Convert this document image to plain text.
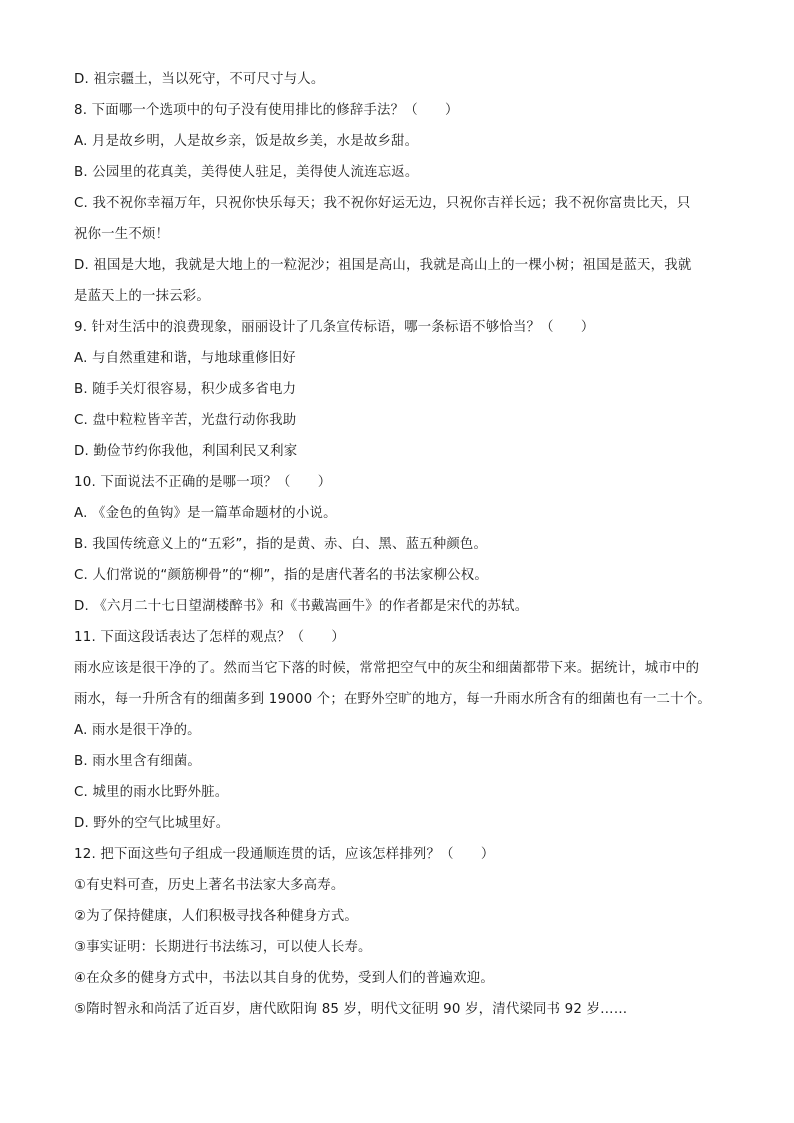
D. 祖宗疆土，当以死守，不可尺寸与人。
8. 下面哪一个选项中的句子没有使用排比的修辞手法？（　　）
A. 月是故乡明，人是故乡亲，饭是故乡美，水是故乡甜。
B. 公园里的花真美，美得使人驻足，美得使人流连忘返。
C. 我不祝你幸福万年，只祝你快乐每天；我不祝你好运无边，只祝你吉祥长远；我不祝你富贵比天，只
祝你一生不烦！
D. 祖国是大地，我就是大地上的一粒泥沙；祖国是高山，我就是高山上的一棵小树；祖国是蓝天，我就
是蓝天上的一抹云彩。
9. 针对生活中的浪费现象，丽丽设计了几条宣传标语，哪一条标语不够恰当？（　　）
A. 与自然重建和谐，与地球重修旧好
B. 随手关灯很容易，积少成多省电力
C. 盘中粒粒皆辛苦，光盘行动你我助
D. 勤俭节约你我他，利国利民又利家
10. 下面说法不正确的是哪一项？（　　）
A. 《金色的鱼钩》是一篇革命题材的小说。
B. 我国传统意义上的“五彩”，指的是黄、赤、白、黑、蓝五种颜色。
C. 人们常说的“颜筋柳骨”的“柳”，指的是唐代著名的书法家柳公权。
D. 《六月二十七日望湖楼醉书》和《书戴嵩画牛》的作者都是宋代的苏轼。
11. 下面这段话表达了怎样的观点？（　　）
雨水应该是很干净的了。然而当它下落的时候，常常把空气中的灰尘和细菌都带下来。据统计，城市中的
雨水，每一升所含有的细菌多到 19000 个；在野外空旷的地方，每一升雨水所含有的细菌也有一二十个。
A. 雨水是很干净的。
B. 雨水里含有细菌。
C. 城里的雨水比野外脏。
D. 野外的空气比城里好。
12. 把下面这些句子组成一段通顺连贯的话，应该怎样排列？（　　）
①有史料可查，历史上著名书法家大多高寿。
②为了保持健康，人们积极寻找各种健身方式。
③事实证明：长期进行书法练习，可以使人长寿。
④在众多的健身方式中，书法以其自身的优势，受到人们的普遍欢迎。
⑤隋时智永和尚活了近百岁，唐代欧阳询 85 岁，明代文征明 90 岁，清代梁同书 92 岁……
